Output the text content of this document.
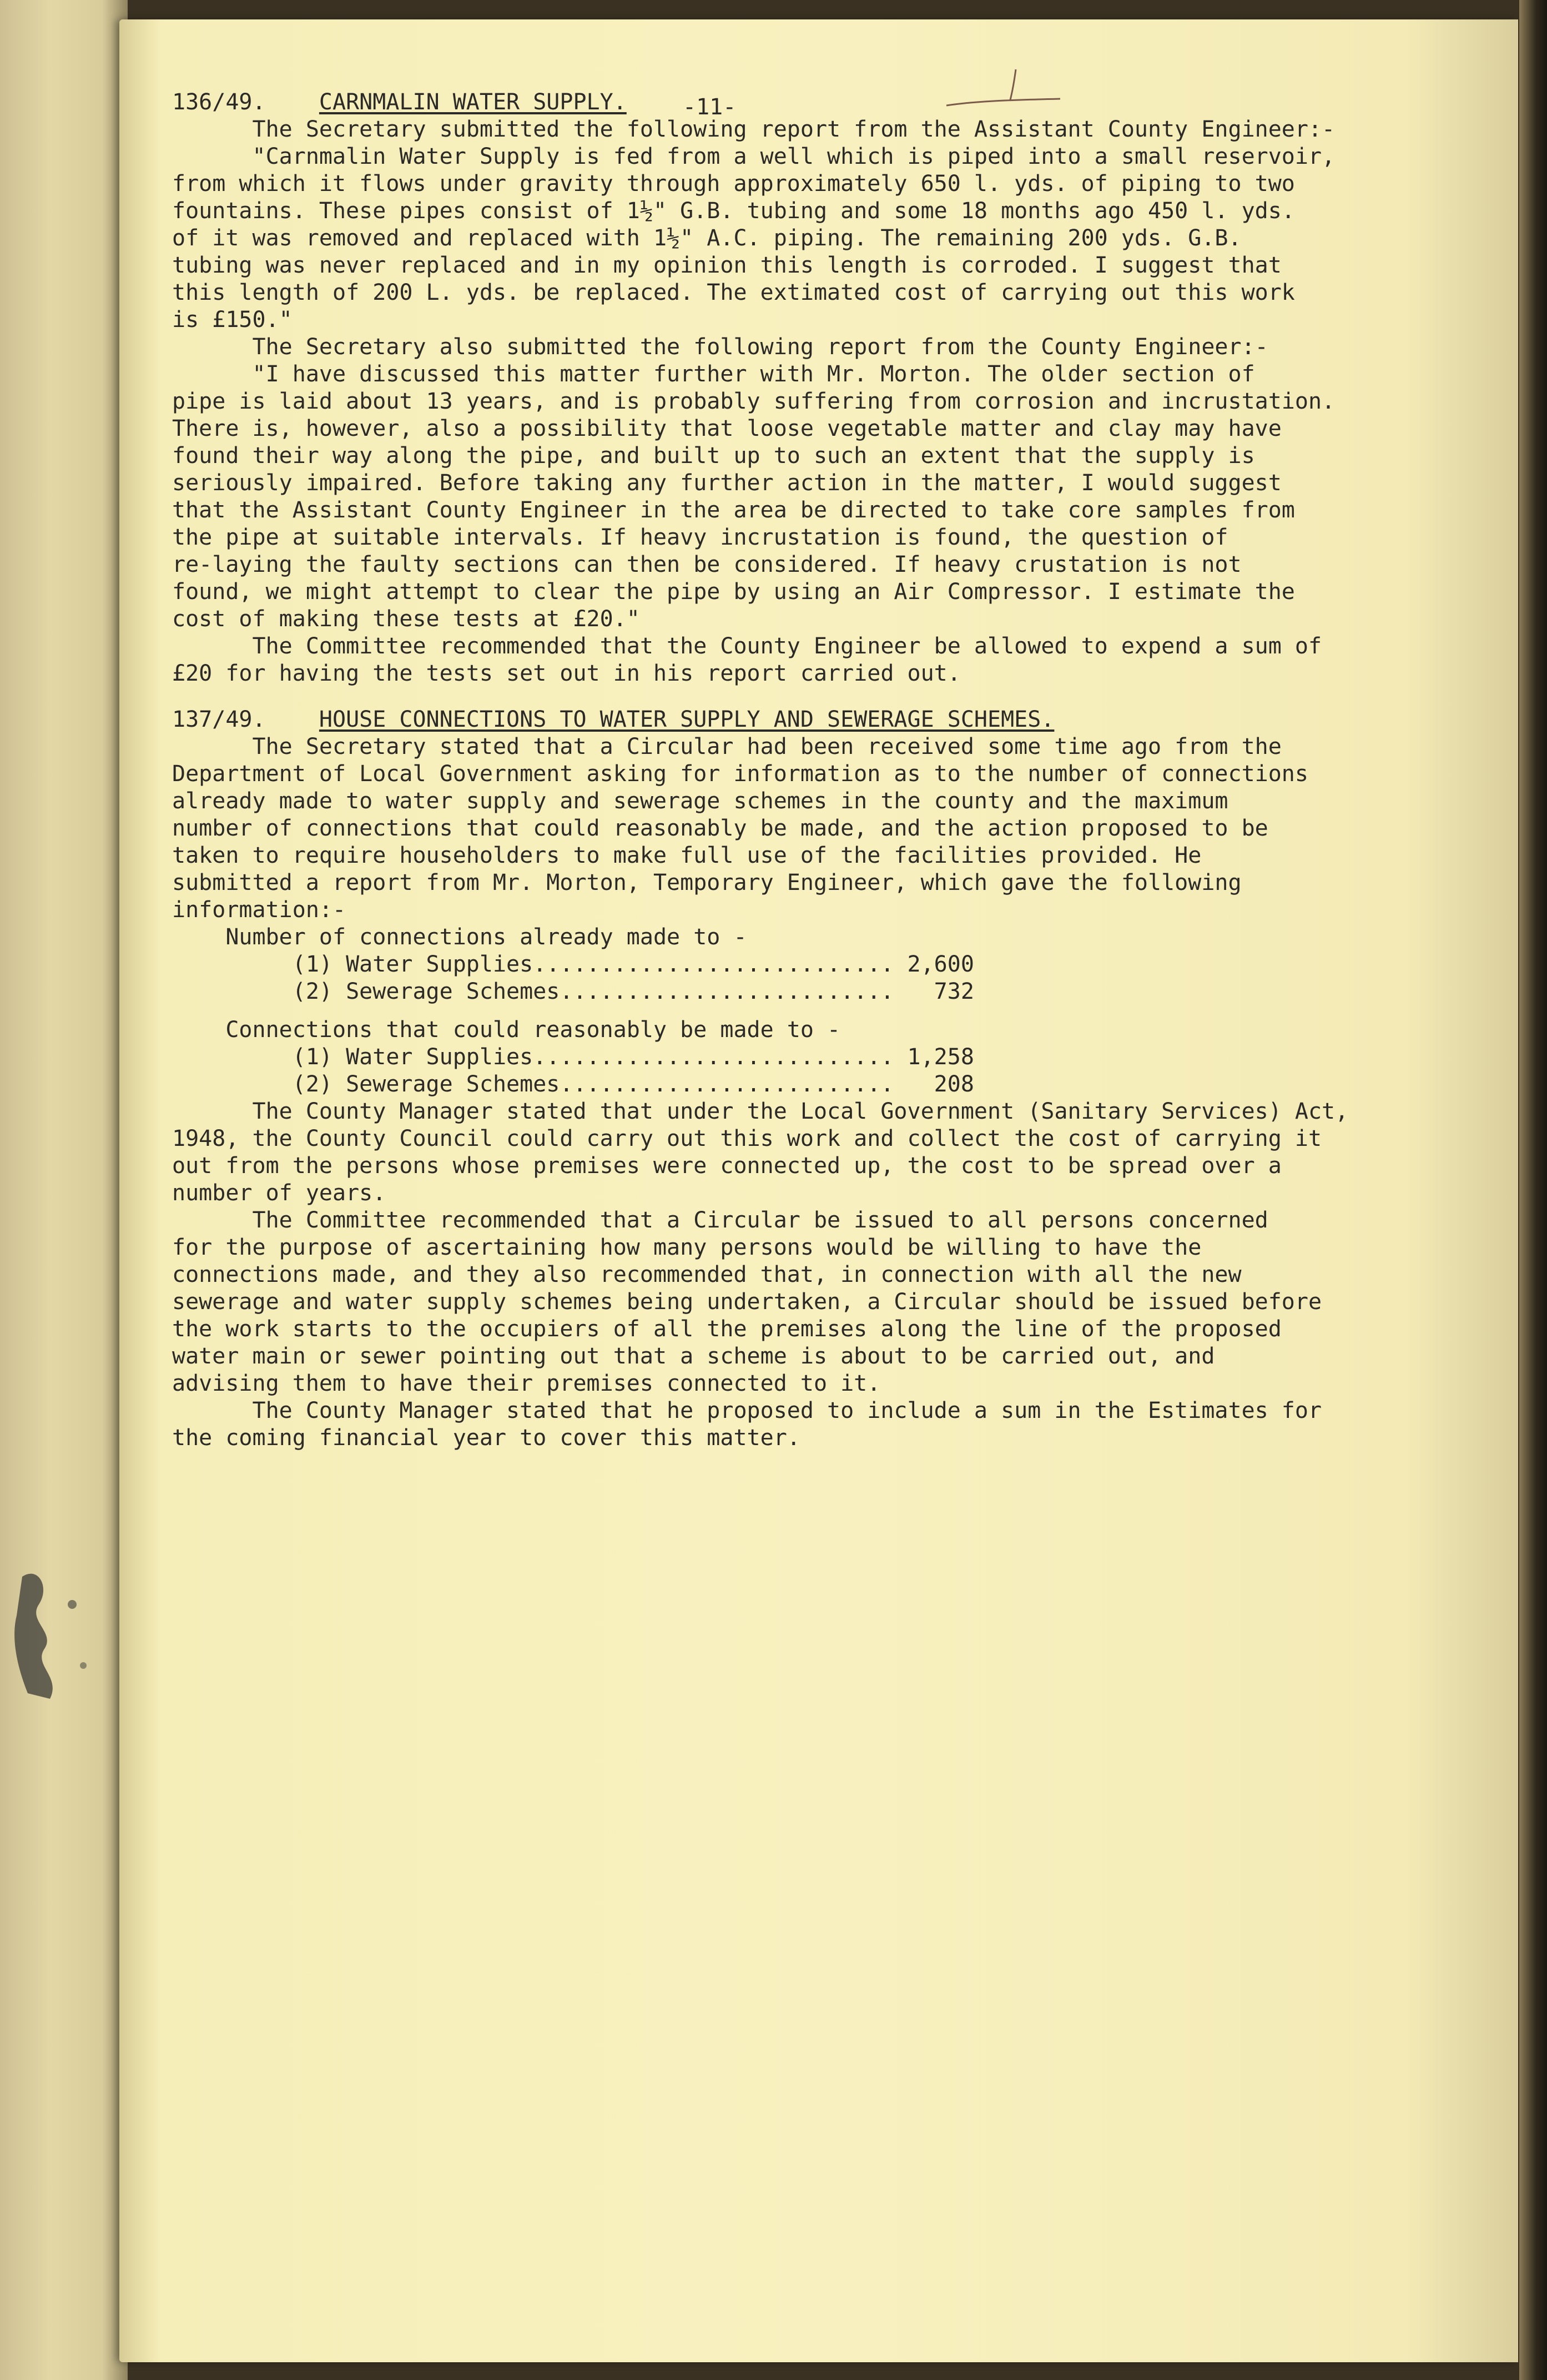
-11-

136/49. CARNMALIN WATER SUPPLY.

The Secretary submitted the following report from the Assistant County Engineer:-

"Carnmalin Water Supply is fed from a well which is piped into a small reservoir,

from which it flows under gravity through approximately 650 l. yds. of piping to two

fountains. These pipes consist of 1½" G.B. tubing and some 18 months ago 450 l. yds.

of it was removed and replaced with 1½" A.C. piping. The remaining 200 yds. G.B.

tubing was never replaced and in my opinion this length is corroded. I suggest that

this length of 200 L. yds. be replaced. The extimated cost of carrying out this work

is £150."

The Secretary also submitted the following report from the County Engineer:-

"I have discussed this matter further with Mr. Morton. The older section of

pipe is laid about 13 years, and is probably suffering from corrosion and incrustation.

There is, however, also a possibility that loose vegetable matter and clay may have

found their way along the pipe, and built up to such an extent that the supply is

seriously impaired. Before taking any further action in the matter, I would suggest

that the Assistant County Engineer in the area be directed to take core samples from

the pipe at suitable intervals. If heavy incrustation is found, the question of

re-laying the faulty sections can then be considered. If heavy crustation is not

found, we might attempt to clear the pipe by using an Air Compressor. I estimate the

cost of making these tests at £20."

The Committee recommended that the County Engineer be allowed to expend a sum of

£20 for having the tests set out in his report carried out.

137/49. HOUSE CONNECTIONS TO WATER SUPPLY AND SEWERAGE SCHEMES.

The Secretary stated that a Circular had been received some time ago from the

Department of Local Government asking for information as to the number of connections

already made to water supply and sewerage schemes in the county and the maximum

number of connections that could reasonably be made, and the action proposed to be

taken to require householders to make full use of the facilities provided. He

submitted a report from Mr. Morton, Temporary Engineer, which gave the following

information:-

Number of connections already made to -

(1) Water Supplies........................... 2,600

(2) Sewerage Schemes.........................   732

Connections that could reasonably be made to -

(1) Water Supplies........................... 1,258

(2) Sewerage Schemes.........................   208

The County Manager stated that under the Local Government (Sanitary Services) Act,

1948, the County Council could carry out this work and collect the cost of carrying it

out from the persons whose premises were connected up, the cost to be spread over a

number of years.

The Committee recommended that a Circular be issued to all persons concerned

for the purpose of ascertaining how many persons would be willing to have the

connections made, and they also recommended that, in connection with all the new

sewerage and water supply schemes being undertaken, a Circular should be issued before

the work starts to the occupiers of all the premises along the line of the proposed

water main or sewer pointing out that a scheme is about to be carried out, and

advising them to have their premises connected to it.

The County Manager stated that he proposed to include a sum in the Estimates for

the coming financial year to cover this matter.
